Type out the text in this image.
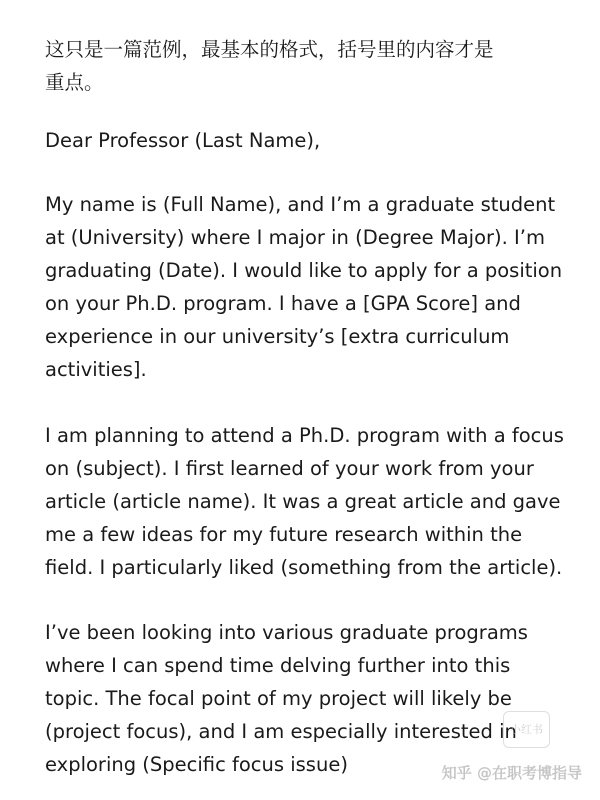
这只是一篇范例，最基本的格式，括号里的内容才是
重点。

Dear Professor (Last Name),

My name is (Full Name), and I’m a graduate student
at (University) where I major in (Degree Major). I’m
graduating (Date). I would like to apply for a position
on your Ph.D. program. I have a [GPA Score] and
experience in our university’s [extra curriculum
activities].

I am planning to attend a Ph.D. program with a focus
on (subject). I first learned of your work from your
article (article name). It was a great article and gave
me a few ideas for my future research within the
field. I particularly liked (something from the article).

I’ve been looking into various graduate programs
where I can spend time delving further into this
topic. The focal point of my project will likely be
(project focus), and I am especially interested in
exploring (Specific focus issue)

小红书
知乎 @在职考博指导
